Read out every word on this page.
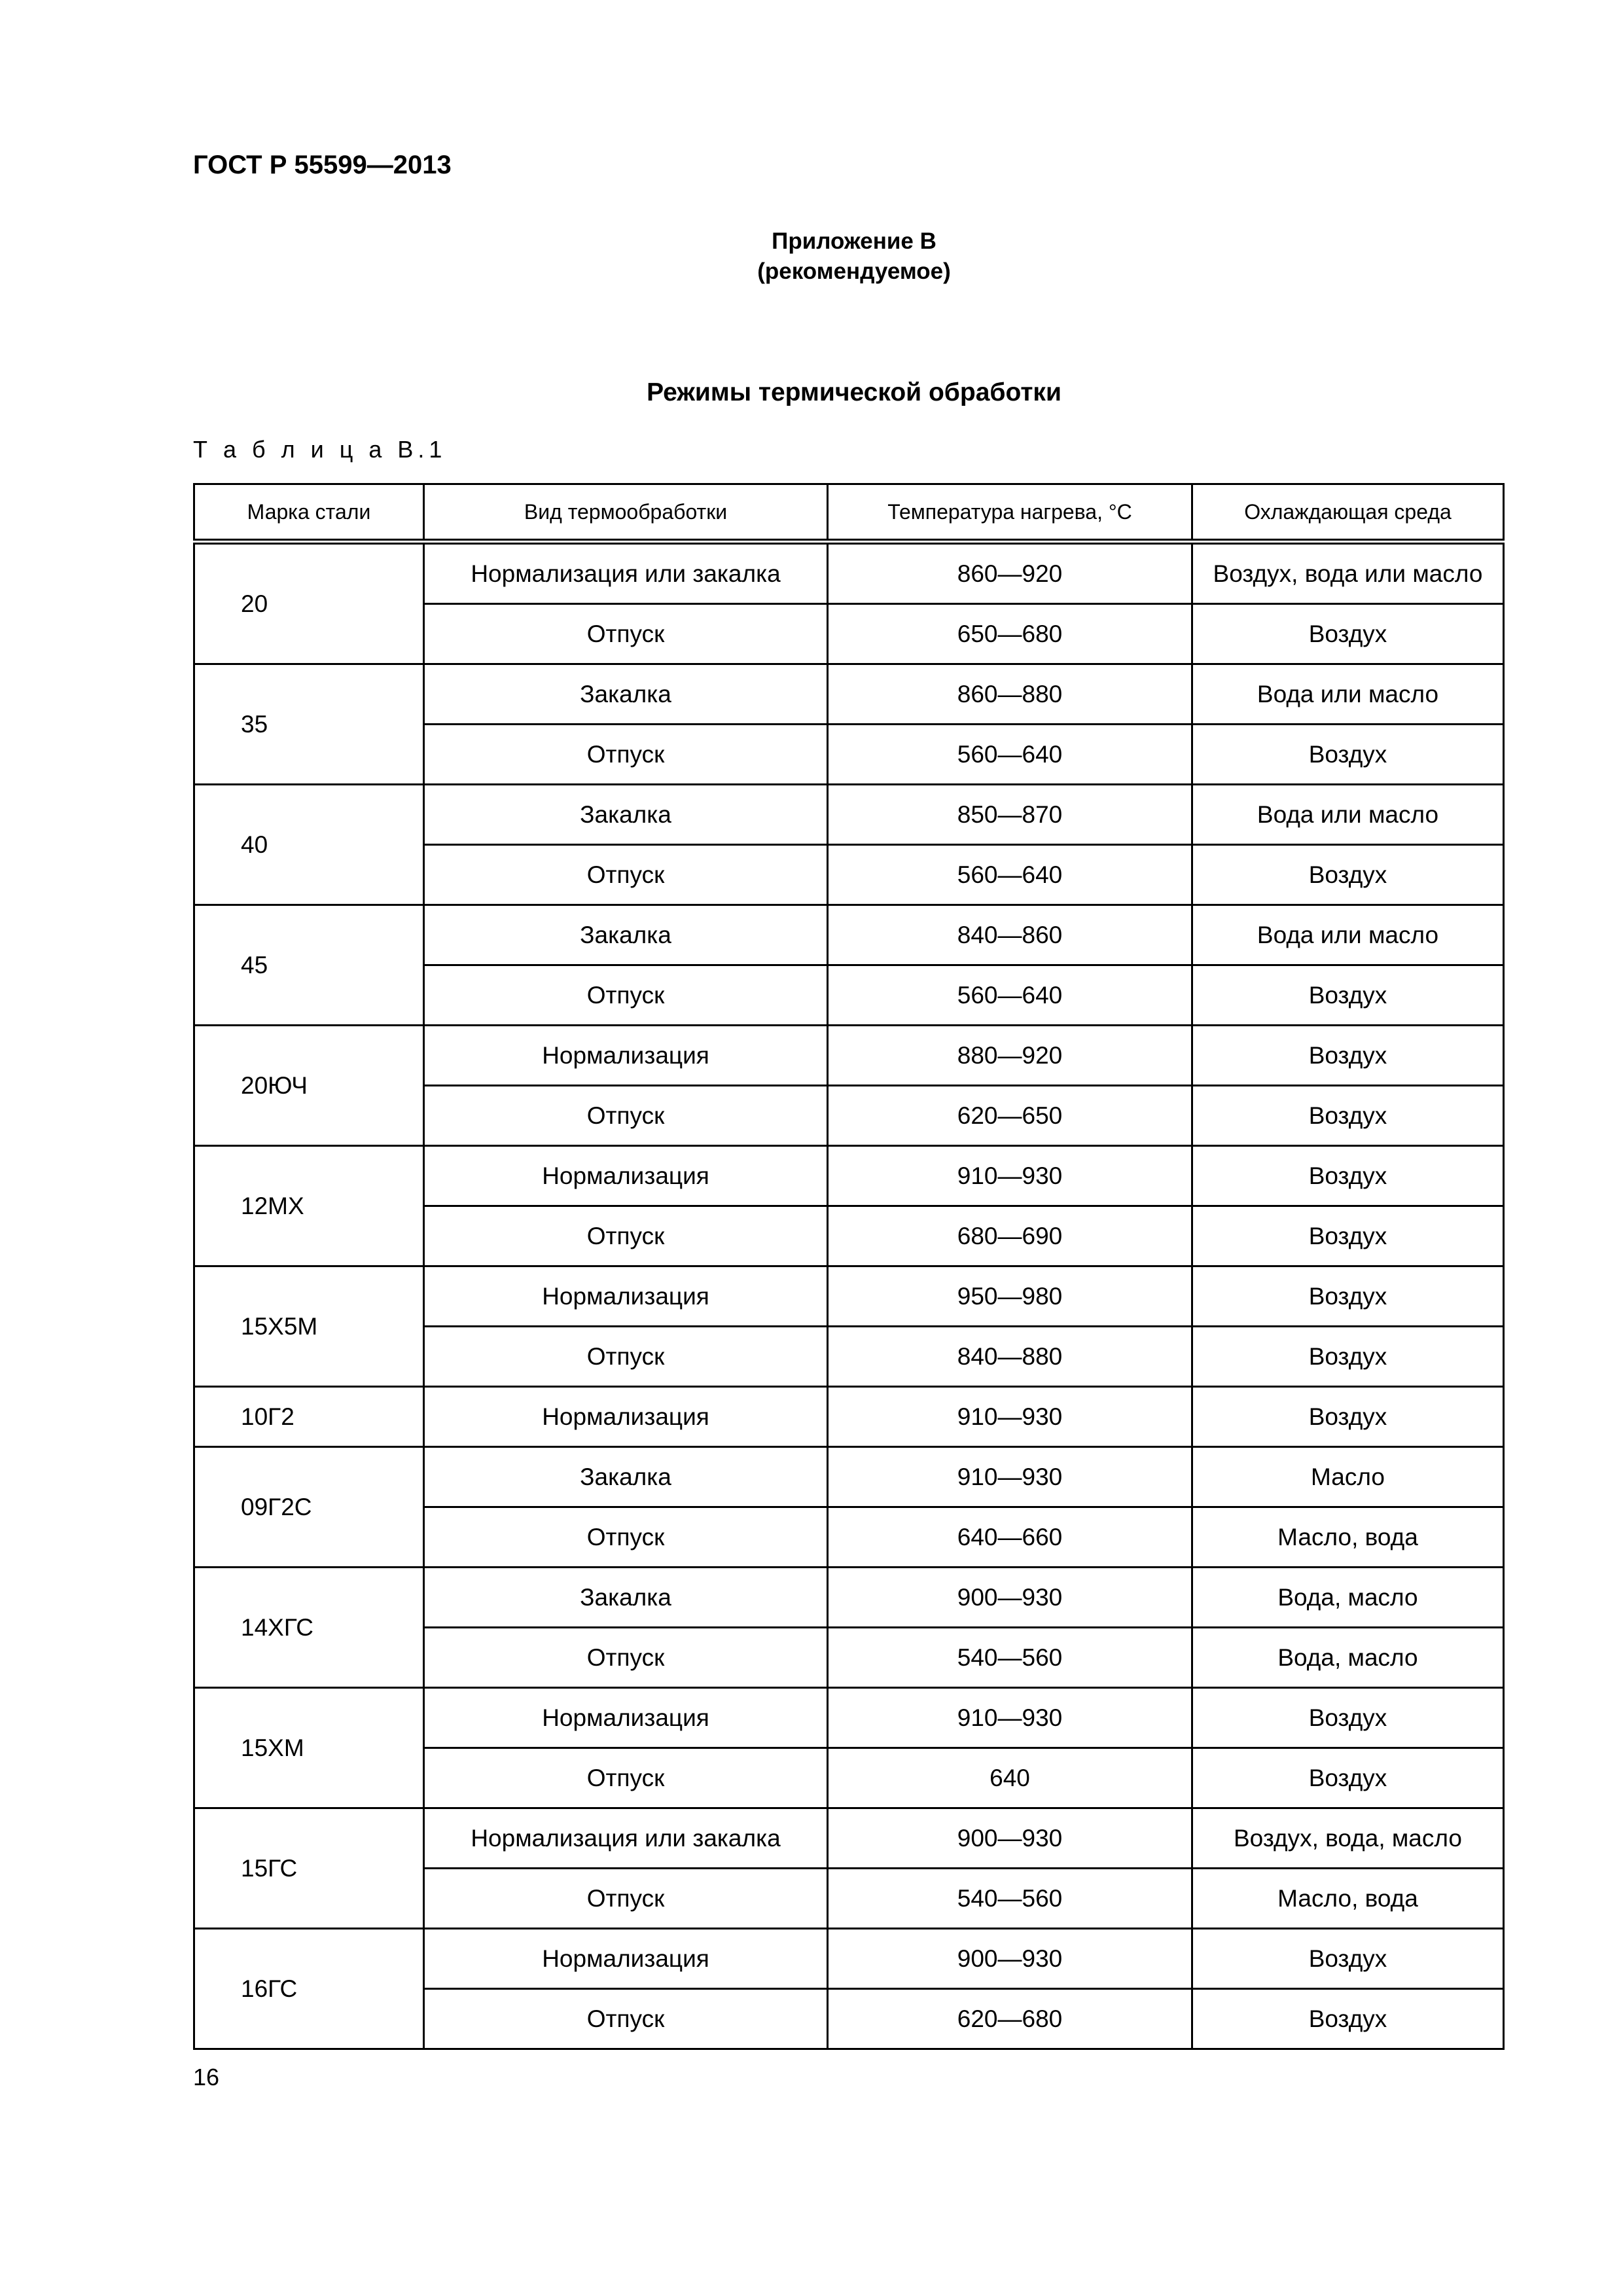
ГОСТ Р 55599—2013
Приложение В
(рекомендуемое)
Режимы термической обработки
Т а б л и ц а В.1
Марка стали	Вид термообработки	Температура нагрева, °С	Охлаждающая среда
20	Нормализация или закалка	860—920	Воздух, вода или масло
	Отпуск	650—680	Воздух
35	Закалка	860—880	Вода или масло
	Отпуск	560—640	Воздух
40	Закалка	850—870	Вода или масло
	Отпуск	560—640	Воздух
45	Закалка	840—860	Вода или масло
	Отпуск	560—640	Воздух
20ЮЧ	Нормализация	880—920	Воздух
	Отпуск	620—650	Воздух
12МХ	Нормализация	910—930	Воздух
	Отпуск	680—690	Воздух
15Х5М	Нормализация	950—980	Воздух
	Отпуск	840—880	Воздух
10Г2	Нормализация	910—930	Воздух
09Г2С	Закалка	910—930	Масло
	Отпуск	640—660	Масло, вода
14ХГС	Закалка	900—930	Вода, масло
	Отпуск	540—560	Вода, масло
15ХМ	Нормализация	910—930	Воздух
	Отпуск	640	Воздух
15ГС	Нормализация или закалка	900—930	Воздух, вода, масло
	Отпуск	540—560	Масло, вода
16ГС	Нормализация	900—930	Воздух
	Отпуск	620—680	Воздух
16
